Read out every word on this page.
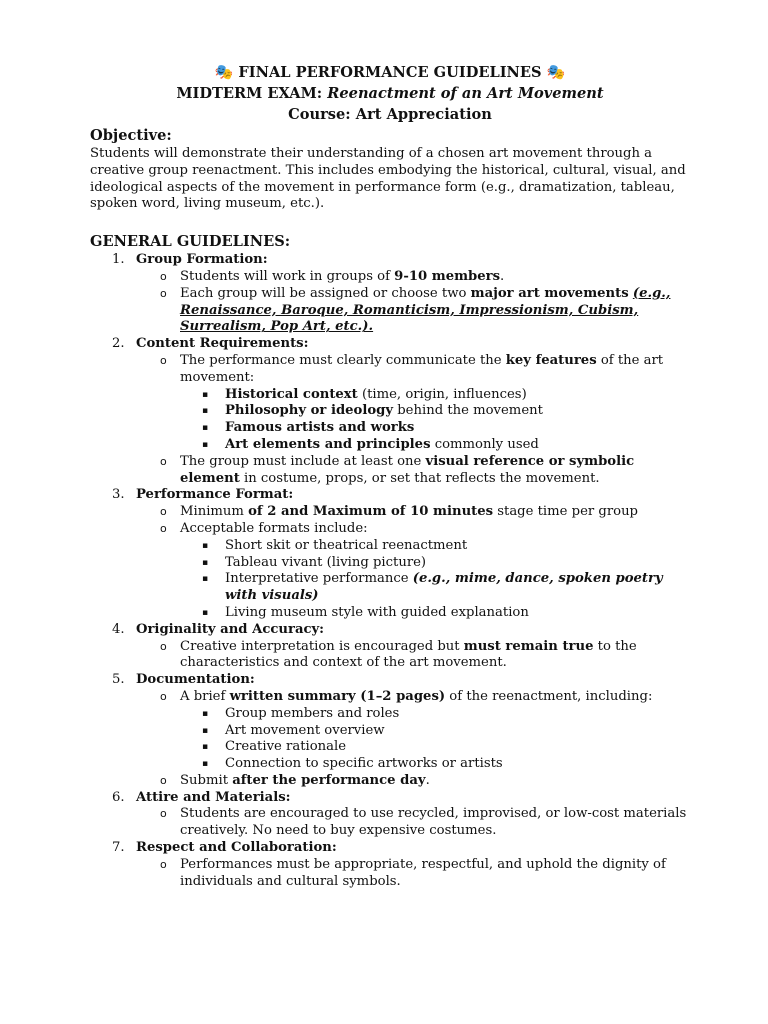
🎭 FINAL PERFORMANCE GUIDELINES 🎭
MIDTERM EXAM: Reenactment of an Art Movement
Course: Art Appreciation
Objective:

Students will demonstrate their understanding of a chosen art movement through a creative group reenactment. This includes embodying the historical, cultural, visual, and ideological aspects of the movement in performance form (e.g., dramatization, tableau, spoken word, living museum, etc.).

GENERAL GUIDELINES:
1. Group Formation:
o Students will work in groups of 9-10 members.
o Each group will be assigned or choose two major art movements (e.g., Renaissance, Baroque, Romanticism, Impressionism, Cubism, Surrealism, Pop Art, etc.).
2. Content Requirements:
o The performance must clearly communicate the key features of the art movement:
▪ Historical context (time, origin, influences)
▪ Philosophy or ideology behind the movement
▪ Famous artists and works
▪ Art elements and principles commonly used
o The group must include at least one visual reference or symbolic element in costume, props, or set that reflects the movement.
3. Performance Format:
o Minimum of 2 and Maximum of 10 minutes stage time per group
o Acceptable formats include:
▪ Short skit or theatrical reenactment
▪ Tableau vivant (living picture)
▪ Interpretative performance (e.g., mime, dance, spoken poetry with visuals)
▪ Living museum style with guided explanation
4. Originality and Accuracy:
o Creative interpretation is encouraged but must remain true to the characteristics and context of the art movement.
5. Documentation:
o A brief written summary (1–2 pages) of the reenactment, including:
▪ Group members and roles
▪ Art movement overview
▪ Creative rationale
▪ Connection to specific artworks or artists
o Submit after the performance day.
6. Attire and Materials:
o Students are encouraged to use recycled, improvised, or low-cost materials creatively. No need to buy expensive costumes.
7. Respect and Collaboration:
o Performances must be appropriate, respectful, and uphold the dignity of individuals and cultural symbols.
